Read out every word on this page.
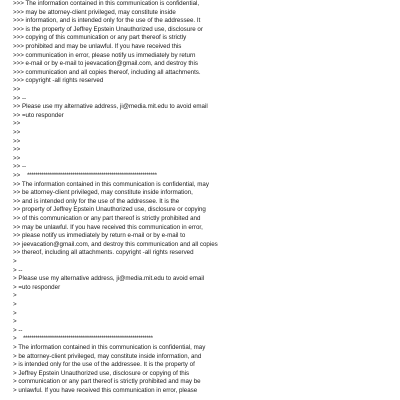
>>> The information contained in this communication is confidential,
>>> may be attorney-client privileged, may constitute inside
>>> information, and is intended only for the use of the addressee. It
>>> is the property of Jeffrey Epstein Unauthorized use, disclosure or
>>> copying of this communication or any part thereof is strictly
>>> prohibited and may be unlawful. If you have received this
>>> communication in error, please notify us immediately by return
>>> e-mail or by e-mail to jeevacation@gmail.com, and destroy this
>>> communication and all copies thereof, including all attachments.
>>> copyright -all rights reserved
>>
>> --
>> Please use my alternative address, ji@media.mit.edu to avoid email
>> =uto responder
>>
>>
>>
>>
>>
>> --
>> ***************************************************************
>> The information contained in this communication is confidential, may
>> be attorney-client privileged, may constitute inside information,
>> and is intended only for the use of the addressee. It is the
>> property of Jeffrey Epstein Unauthorized use, disclosure or copying
>> of this communication or any part thereof is strictly prohibited and
>> may be unlawful. If you have received this communication in error,
>> please notify us immediately by return e-mail or by e-mail to
>> jeevacation@gmail.com, and destroy this communication and all copies
>> thereof, including all attachments. copyright -all rights reserved
>
> --
> Please use my alternative address, ji@media.mit.edu to avoid email
> =uto responder
>
>
>
>
> --
> ***************************************************************
> The information contained in this communication is confidential, may
> be attorney-client privileged, may constitute inside information, and
> is intended only for the use of the addressee. It is the property of
> Jeffrey Epstein Unauthorized use, disclosure or copying of this
> communication or any part thereof is strictly prohibited and may be
> unlawful. If you have received this communication in error, please
